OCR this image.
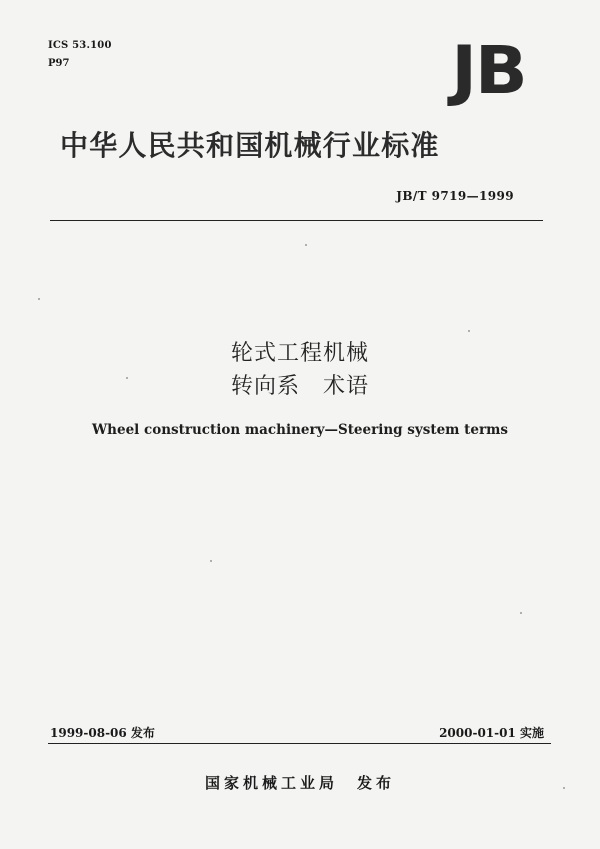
ICS 53.100
P97	JB
中华人民共和国机械行业标准
JB/T 9719—1999
轮式工程机械
转向系　术语
Wheel construction machinery—Steering system terms
1999-08-06 发布	2000-01-01 实施
国家机械工业局　发布
